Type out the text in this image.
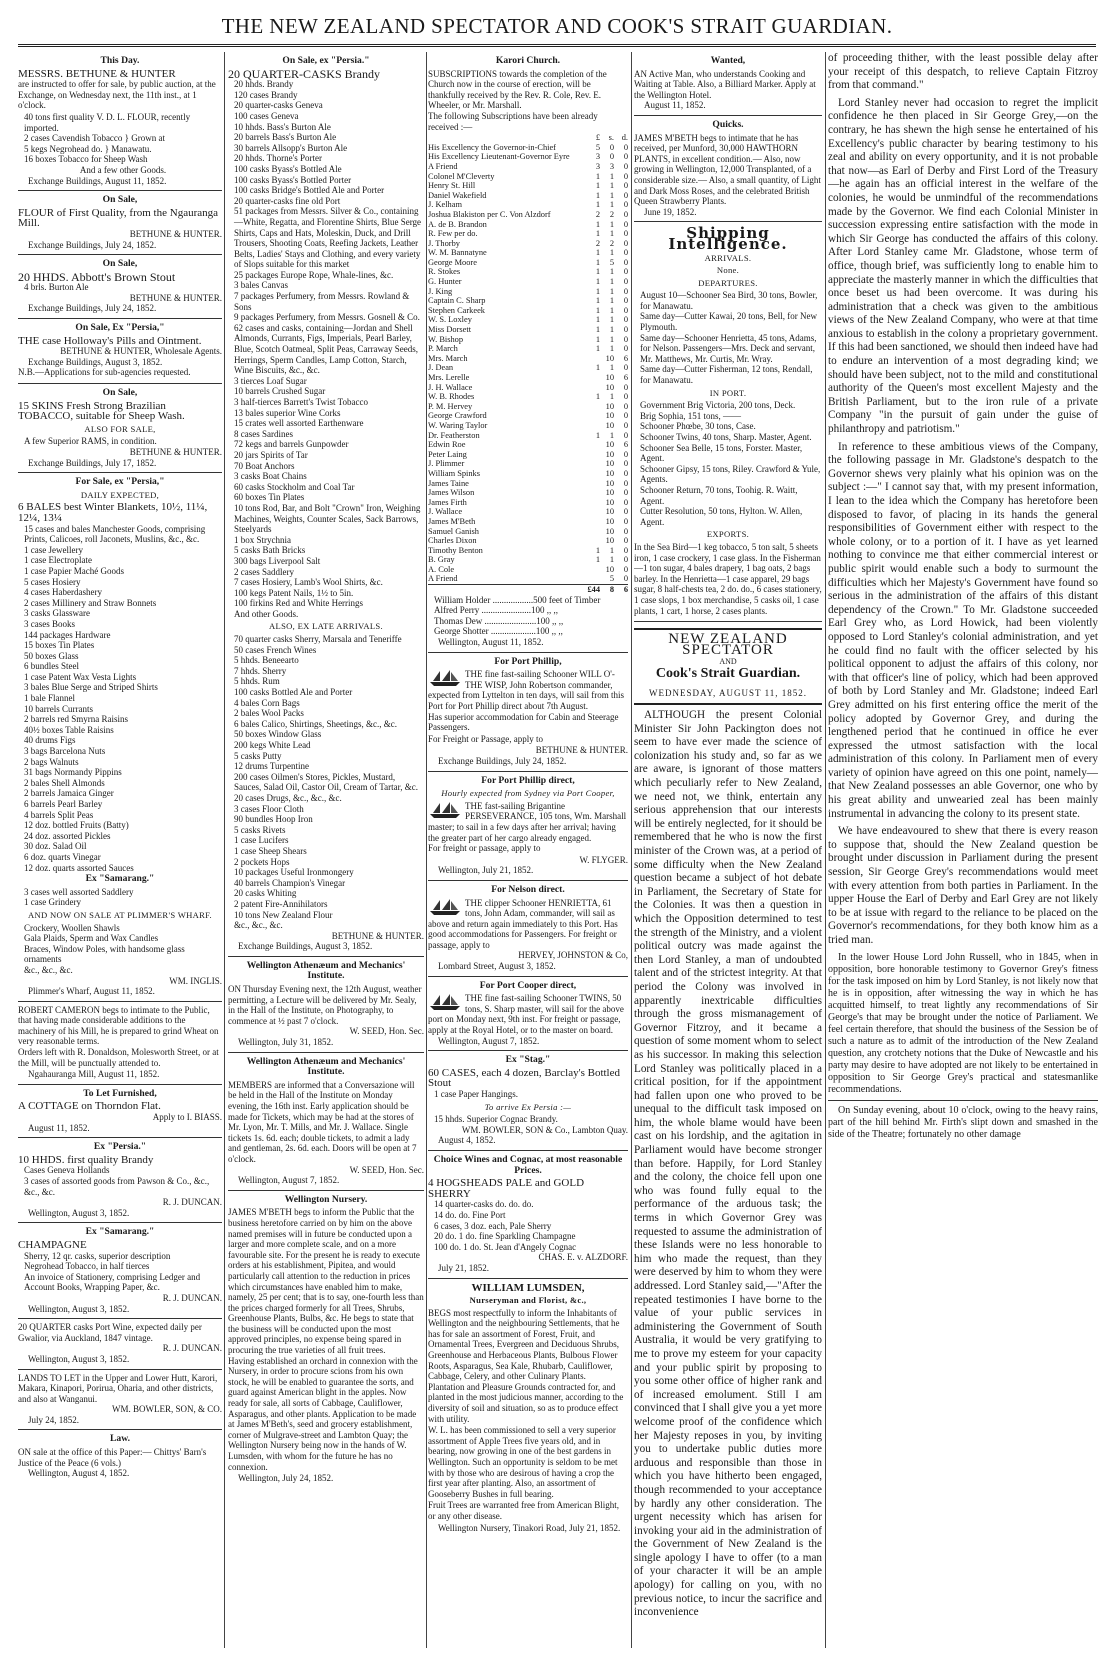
THE NEW ZEALAND SPECTATOR AND COOK'S STRAIT GUARDIAN.
This Day.

MESSRS. BETHUNE & HUNTER

are instructed to offer for sale, by public auction, at the Exchange, on Wednesday next, the 11th inst., at 1 o'clock.

40 tons first quality V. D. L. FLOUR, recently imported.

2 cases Cavendish Tobacco } Grown at

5 kegs Negrohead do. } Manawatu.

16 boxes Tobacco for Sheep Wash

And a few other Goods.

Exchange Buildings, August 11, 1852.

On Sale,

FLOUR of First Quality, from the Ngauranga Mill.

BETHUNE & HUNTER.

Exchange Buildings, July 24, 1852.

On Sale,

20 HHDS. Abbott's Brown Stout

4 brls. Burton Ale

BETHUNE & HUNTER.

Exchange Buildings, July 24, 1852.

On Sale, Ex "Persia,"

THE case Holloway's Pills and Ointment.

BETHUNE & HUNTER, Wholesale Agents.

Exchange Buildings, August 3, 1852.

N.B.—Applications for sub-agencies requested.

On Sale,

15 SKINS Fresh Strong Brazilian TOBACCO, suitable for Sheep Wash.

ALSO FOR SALE,

A few Superior RAMS, in condition.

BETHUNE & HUNTER.

Exchange Buildings, July 17, 1852.

For Sale, ex "Persia,"

DAILY EXPECTED,

6 BALES best Winter Blankets, 10½, 11¼, 12¼, 13¼

15 cases and bales Manchester Goods, comprising Prints, Calicoes, roll Jaconets, Muslins, &c., &c.

1 case Jewellery

1 case Electroplate

1 case Papier Maché Goods

5 cases Hosiery

4 cases Haberdashery

2 cases Millinery and Straw Bonnets

3 casks Glassware

3 cases Books

144 packages Hardware

15 boxes Tin Plates

50 boxes Glass

6 bundles Steel

1 case Patent Wax Vesta Lights

3 bales Blue Serge and Striped Shirts

1 bale Flannel

10 barrels Currants

2 barrels red Smyrna Raisins

40½ boxes Table Raisins

40 drums Figs

3 bags Barcelona Nuts

2 bags Walnuts

31 bags Normandy Pippins

2 bales Shell Almonds

2 barrels Jamaica Ginger

6 barrels Pearl Barley

4 barrels Split Peas

12 doz. bottled Fruits (Batty)

24 doz. assorted Pickles

30 doz. Salad Oil

6 doz. quarts Vinegar

12 doz. quarts assorted Sauces

Ex "Samarang."

3 cases well assorted Saddlery

1 case Grindery

AND NOW ON SALE AT PLIMMER'S WHARF.

Crockery, Woollen Shawls

Gala Plaids, Sperm and Wax Candles

Braces, Window Poles, with handsome glass ornaments

&c., &c., &c.

WM. INGLIS.

Plimmer's Wharf, August 11, 1852.

ROBERT CAMERON begs to intimate to the Public, that having made considerable additions to the machinery of his Mill, he is prepared to grind Wheat on very reasonable terms.

Orders left with R. Donaldson, Molesworth Street, or at the Mill, will be punctually attended to.

Ngahauranga Mill, August 11, 1852.

To Let Furnished,

A COTTAGE on Thorndon Flat.

Apply to I. BIASS.

August 11, 1852.

Ex "Persia."

10 HHDS. first quality Brandy

Cases Geneva Hollands

3 cases of assorted goods from Pawson & Co., &c., &c., &c.

R. J. DUNCAN.

Wellington, August 3, 1852.

Ex "Samarang."

CHAMPAGNE

Sherry, 12 qr. casks, superior description

Negrohead Tobacco, in half tierces

An invoice of Stationery, comprising Ledger and Account Books, Wrapping Paper, &c.

R. J. DUNCAN.

Wellington, August 3, 1852.

20 QUARTER casks Port Wine, expected daily per Gwalior, via Auckland, 1847 vintage.

R. J. DUNCAN.

Wellington, August 3, 1852.

LANDS TO LET in the Upper and Lower Hutt, Karori, Makara, Kinapori, Porirua, Oharia, and other districts, and also at Wanganui.

WM. BOWLER, SON, & CO.

July 24, 1852.

Law.

ON sale at the office of this Paper:— Chittys' Barn's Justice of the Peace (6 vols.)

Wellington, August 4, 1852.

On Sale, ex "Persia."

20 QUARTER-CASKS Brandy

20 hhds. Brandy

120 cases Brandy

20 quarter-casks Geneva

100 cases Geneva

10 hhds. Bass's Burton Ale

20 barrels Bass's Burton Ale

30 barrels Allsopp's Burton Ale

20 hhds. Thorne's Porter

100 casks Byass's Bottled Ale

100 casks Byass's Bottled Porter

100 casks Bridge's Bottled Ale and Porter

20 quarter-casks fine old Port

51 packages from Messrs. Silver & Co., containing—White, Regatta, and Florentine Shirts, Blue Serge Shirts, Caps and Hats, Moleskin, Duck, and Drill Trousers, Shooting Coats, Reefing Jackets, Leather Belts, Ladies' Stays and Clothing, and every variety of Slops suitable for this market

25 packages Europe Rope, Whale-lines, &c.

3 bales Canvas

7 packages Perfumery, from Messrs. Rowland & Sons

9 packages Perfumery, from Messrs. Gosnell & Co.

62 cases and casks, containing—Jordan and Shell Almonds, Currants, Figs, Imperials, Pearl Barley, Blue, Scotch Oatmeal, Split Peas, Carraway Seeds, Herrings, Sperm Candles, Lamp Cotton, Starch, Wine Biscuits, &c., &c.

3 tierces Loaf Sugar

10 barrels Crushed Sugar

3 half-tierces Barrett's Twist Tobacco

13 bales superior Wine Corks

15 crates well assorted Earthenware

8 cases Sardines

72 kegs and barrels Gunpowder

20 jars Spirits of Tar

70 Boat Anchors

3 casks Boat Chains

60 casks Stockholm and Coal Tar

60 boxes Tin Plates

10 tons Rod, Bar, and Bolt "Crown" Iron, Weighing Machines, Weights, Counter Scales, Sack Barrows, Steelyards

1 box Strychnia

5 casks Bath Bricks

300 bags Liverpool Salt

2 cases Saddlery

7 cases Hosiery, Lamb's Wool Shirts, &c.

100 kegs Patent Nails, 1½ to 5in.

100 firkins Red and White Herrings

And other Goods.

ALSO, EX LATE ARRIVALS.

70 quarter casks Sherry, Marsala and Teneriffe

50 cases French Wines

5 hhds. Beneearto

7 hhds. Sherry

5 hhds. Rum

100 casks Bottled Ale and Porter

4 bales Corn Bags

2 bales Wool Packs

6 bales Calico, Shirtings, Sheetings, &c., &c.

50 boxes Window Glass

200 kegs White Lead

5 casks Putty

12 drums Turpentine

200 cases Oilmen's Stores, Pickles, Mustard, Sauces, Salad Oil, Castor Oil, Cream of Tartar, &c.

20 cases Drugs, &c., &c., &c.

3 cases Floor Cloth

90 bundles Hoop Iron

5 casks Rivets

1 case Lucifers

1 case Sheep Shears

2 pockets Hops

10 packages Useful Ironmongery

40 barrels Champion's Vinegar

20 casks Whiting

2 patent Fire-Annihilators

10 tons New Zealand Flour

&c., &c., &c.

BETHUNE & HUNTER.

Exchange Buildings, August 3, 1852.

Wellington Athenæum and Mechanics' Institute.

ON Thursday Evening next, the 12th August, weather permitting, a Lecture will be delivered by Mr. Sealy, in the Hall of the Institute, on Photography, to commence at ½ past 7 o'clock.

W. SEED, Hon. Sec.

Wellington, July 31, 1852.

Wellington Athenæum and Mechanics' Institute.

MEMBERS are informed that a Conversazione will be held in the Hall of the Institute on Monday evening, the 16th inst. Early application should be made for Tickets, which may be had at the stores of Mr. Lyon, Mr. T. Mills, and Mr. J. Wallace. Single tickets 1s. 6d. each; double tickets, to admit a lady and gentleman, 2s. 6d. each. Doors will be open at 7 o'clock.

W. SEED, Hon. Sec.

Wellington, August 7, 1852.

Wellington Nursery.

JAMES M'BETH begs to inform the Public that the business heretofore carried on by him on the above named premises will in future be conducted upon a larger and more complete scale, and on a more favourable site. For the present he is ready to execute orders at his establishment, Pipitea, and would particularly call attention to the reduction in prices which circumstances have enabled him to make, namely, 25 per cent; that is to say, one-fourth less than the prices charged formerly for all Trees, Shrubs, Greenhouse Plants, Bulbs, &c. He begs to state that the business will be conducted upon the most approved principles, no expense being spared in procuring the true varieties of all fruit trees.

Having established an orchard in connexion with the Nursery, in order to procure scions from his own stock, he will be enabled to guarantee the sorts, and guard against American blight in the apples. Now ready for sale, all sorts of Cabbage, Cauliflower, Asparagus, and other plants. Application to be made at James M'Beth's, seed and grocery establishment, corner of Mulgrave-street and Lambton Quay; the Wellington Nursery being now in the hands of W. Lumsden, with whom for the future he has no connexion.

Wellington, July 24, 1852.

Karori Church.

SUBSCRIPTIONS towards the completion of the Church now in the course of erection, will be thankfully received by the Rev. R. Cole, Rev. E. Wheeler, or Mr. Marshall.

The following Subscriptions have been already received :—

	£	s.	d.
His Excellency the Governor-in-Chief	5	0	0
His Excellency Lieutenant-Governor Eyre	3	0	0
A Friend	3	3	0
Colonel M'Cleverty	1	1	0
Henry St. Hill	1	1	0
Daniel Wakefield	1	1	0
J. Kelham	1	1	0
Joshua Blakiston per C. Von Alzdorf	2	2	0
A. de B. Brandon	1	1	0
R. Few per do.	1	1	0
J. Thorby	2	2	0
W. M. Bannatyne	1	1	0
George Moore	1	5	0
R. Stokes	1	1	0
G. Hunter	1	1	0
J. King	1	1	0
Captain C. Sharp	1	1	0
Stephen Carkeek	1	1	0
W. S. Loxley	1	1	0
Miss Dorsett	1	1	0
W. Bishop	1	1	0
P. March	1	1	0
Mrs. March		10	6
J. Dean	1	1	0
Mrs. Lerelle		10	6
J. H. Wallace		10	0
W. B. Rhodes	1	1	0
P. M. Hervey		10	0
George Crawford		10	0
W. Waring Taylor		10	0
Dr. Featherston	1	1	0
Edwin Roe		10	6
Peter Laing		10	0
J. Plimmer		10	0
William Spinks		10	0
James Taine		10	0
James Wilson		10	0
James Firth		10	0
J. Wallace		10	0
James M'Beth		10	0
Samuel Ganish		10	0
Charles Dixon		10	0
Timothy Benton	1	1	0
B. Gray	1	1	0
A. Cole		10	0
A Friend		5	0
	£44	8	6

William Holder ..................500 feet of Timber

Alfred Perry ......................100 ,, ,,

Thomas Dew .......................100 ,, ,,

George Shotter ....................100 ,, ,,

Wellington, August 11, 1852.

For Port Phillip,

THE fine fast-sailing Schooner WILL O'-THE WISP, John Robertson commander, expected from Lyttelton in ten days, will sail from this Port for Port Phillip direct about 7th August.

Has superior accommodation for Cabin and Steerage Passengers.

For Freight or Passage, apply to

BETHUNE & HUNTER.

Exchange Buildings, July 24, 1852.

For Port Phillip direct,

Hourly expected from Sydney via Port Cooper,

THE fast-sailing Brigantine PERSEVERANCE, 105 tons, Wm. Marshall master; to sail in a few days after her arrival; having the greater part of her cargo already engaged.

For freight or passage, apply to

W. FLYGER.

Wellington, July 21, 1852.

For Nelson direct.

THE clipper Schooner HENRIETTA, 61 tons, John Adam, commander, will sail as above and return again immediately to this Port. Has good accommodations for Passengers. For freight or passage, apply to

HERVEY, JOHNSTON & Co,

Lombard Street, August 3, 1852.

For Port Cooper direct,

THE fine fast-sailing Schooner TWINS, 50 tons, S. Sharp master, will sail for the above port on Monday next, 9th inst. For freight or passage, apply at the Royal Hotel, or to the master on board.

Wellington, August 7, 1852.

Ex "Stag."

60 CASES, each 4 dozen, Barclay's Bottled Stout

1 case Paper Hangings.

To arrive Ex Persia :—

15 hhds. Superior Cognac Brandy.

WM. BOWLER, SON & Co., Lambton Quay.

August 4, 1852.

Choice Wines and Cognac, at most reasonable Prices.

4 HOGSHEADS PALE and GOLD SHERRY

14 quarter-casks do. do. do.

14 do. do. Fine Port

6 cases, 3 doz. each, Pale Sherry

20 do. 1 do. fine Sparkling Champagne

100 do. 1 do. St. Jean d'Angely Cognac

CHAS. E. v. ALZDORF.

July 21, 1852.

WILLIAM LUMSDEN,

Nurseryman and Florist, &c.,

BEGS most respectfully to inform the Inhabitants of Wellington and the neighbouring Settlements, that he has for sale an assortment of Forest, Fruit, and Ornamental Trees, Evergreen and Deciduous Shrubs, Greenhouse and Herbaceous Plants, Bulbous Flower Roots, Asparagus, Sea Kale, Rhubarb, Cauliflower, Cabbage, Celery, and other Culinary Plants.

Plantation and Pleasure Grounds contracted for, and planted in the most judicious manner, according to the diversity of soil and situation, so as to produce effect with utility.

W. L. has been commissioned to sell a very superior assortment of Apple Trees five years old, and in bearing, now growing in one of the best gardens in Wellington. Such an opportunity is seldom to be met with by those who are desirous of having a crop the first year after planting. Also, an assortment of Gooseberry Bushes in full bearing.

Fruit Trees are warranted free from American Blight, or any other disease.

Wellington Nursery, Tinakori Road, July 21, 1852.

Wanted,

AN Active Man, who understands Cooking and Waiting at Table. Also, a Billiard Marker. Apply at the Wellington Hotel.

August 11, 1852.

Quicks.

JAMES M'BETH begs to intimate that he has received, per Munford, 30,000 HAWTHORN PLANTS, in excellent condition.— Also, now growing in Wellington, 12,000 Transplanted, of a considerable size.— Also, a small quantity, of Light and Dark Moss Roses, and the celebrated British Queen Strawberry Plants.

June 19, 1852.

Shipping Intelligence.

ARRIVALS.

None.

DEPARTURES.

August 10—Schooner Sea Bird, 30 tons, Bowler, for Manawatu.

Same day—Cutter Kawai, 20 tons, Bell, for New Plymouth.

Same day—Schooner Henrietta, 45 tons, Adams, for Nelson. Passengers—Mrs. Deck and servant, Mr. Matthews, Mr. Curtis, Mr. Wray.

Same day—Cutter Fisherman, 12 tons, Rendall, for Manawatu.

IN PORT.

Government Brig Victoria, 200 tons, Deck.

Brig Sophia, 151 tons, ——

Schooner Phœbe, 30 tons, Case.

Schooner Twins, 40 tons, Sharp. Master, Agent.

Schooner Sea Belle, 15 tons, Forster. Master, Agent.

Schooner Gipsy, 15 tons, Riley. Crawford & Yule, Agents.

Schooner Return, 70 tons, Toohig. R. Waitt, Agent.

Cutter Resolution, 50 tons, Hylton. W. Allen, Agent.

EXPORTS.

In the Sea Bird—1 keg tobacco, 5 ton salt, 5 sheets iron, 1 case crockery, 1 case glass. In the Fisherman—1 ton sugar, 4 bales drapery, 1 bag oats, 2 bags barley. In the Henrietta—1 case apparel, 29 bags sugar, 8 half-chests tea, 2 do. do., 6 cases stationery, 1 case slops, 1 box merchandise, 5 casks oil, 1 case plants, 1 cart, 1 horse, 2 cases plants.

NEW ZEALAND SPECTATOR

AND

Cook's Strait Guardian.

WEDNESDAY, AUGUST 11, 1852.

ALTHOUGH the present Colonial Minister Sir John Packington does not seem to have ever made the science of colonization his study and, so far as we are aware, is ignorant of those matters which peculiarly refer to New Zealand, we need not, we think, entertain any serious apprehension that our interests will be entirely neglected, for it should be remembered that he who is now the first minister of the Crown was, at a period of some difficulty when the New Zealand question became a subject of hot debate in Parliament, the Secretary of State for the Colonies. It was then a question in which the Opposition determined to test the strength of the Ministry, and a violent political outcry was made against the then Lord Stanley, a man of undoubted talent and of the strictest integrity. At that period the Colony was involved in apparently inextricable difficulties through the gross mismanagement of Governor Fitzroy, and it became a question of some moment whom to select as his successor. In making this selection Lord Stanley was politically placed in a critical position, for if the appointment had fallen upon one who proved to be unequal to the difficult task imposed on him, the whole blame would have been cast on his lordship, and the agitation in Parliament would have become stronger than before. Happily, for Lord Stanley and the colony, the choice fell upon one who was found fully equal to the performance of the arduous task; the terms in which Governor Grey was requested to assume the administration of these Islands were no less honorable to him who made the request, than they were deserved by him to whom they were addressed. Lord Stanley said,—"After the repeated testimonies I have borne to the value of your public services in administering the Government of South Australia, it would be very gratifying to me to prove my esteem for your capacity and your public spirit by proposing to you some other office of higher rank and of increased emolument. Still I am convinced that I shall give you a yet more welcome proof of the confidence which her Majesty reposes in you, by inviting you to undertake public duties more arduous and responsible than those in which you have hitherto been engaged, though recommended to your acceptance by hardly any other consideration. The urgent necessity which has arisen for invoking your aid in the administration of the Government of New Zealand is the single apology I have to offer (to a man of your character it will be an ample apology) for calling on you, with no previous notice, to incur the sacrifice and inconvenience

of proceeding thither, with the least possible delay after your receipt of this despatch, to relieve Captain Fitzroy from that command."

Lord Stanley never had occasion to regret the implicit confidence he then placed in Sir George Grey,—on the contrary, he has shewn the high sense he entertained of his Excellency's public character by bearing testimony to his zeal and ability on every opportunity, and it is not probable that now—as Earl of Derby and First Lord of the Treasury—he again has an official interest in the welfare of the colonies, he would be unmindful of the recommendations made by the Governor. We find each Colonial Minister in succession expressing entire satisfaction with the mode in which Sir George has conducted the affairs of this colony. After Lord Stanley came Mr. Gladstone, whose term of office, though brief, was sufficiently long to enable him to appreciate the masterly manner in which the difficulties that once beset us had been overcome. It was during his administration that a check was given to the ambitious views of the New Zealand Company, who were at that time anxious to establish in the colony a proprietary government. If this had been sanctioned, we should then indeed have had to endure an intervention of a most degrading kind; we should have been subject, not to the mild and constitutional authority of the Queen's most excellent Majesty and the British Parliament, but to the iron rule of a private Company "in the pursuit of gain under the guise of philanthropy and patriotism."

In reference to these ambitious views of the Company, the following passage in Mr. Gladstone's despatch to the Governor shews very plainly what his opinion was on the subject :—" I cannot say that, with my present information, I lean to the idea which the Company has heretofore been disposed to favor, of placing in its hands the general responsibilities of Government either with respect to the whole colony, or to a portion of it. I have as yet learned nothing to convince me that either commercial interest or public spirit would enable such a body to surmount the difficulties which her Majesty's Government have found so serious in the administration of the affairs of this distant dependency of the Crown." To Mr. Gladstone succeeded Earl Grey who, as Lord Howick, had been violently opposed to Lord Stanley's colonial administration, and yet he could find no fault with the officer selected by his political opponent to adjust the affairs of this colony, nor with that officer's line of policy, which had been approved of both by Lord Stanley and Mr. Gladstone; indeed Earl Grey admitted on his first entering office the merit of the policy adopted by Governor Grey, and during the lengthened period that he continued in office he ever expressed the utmost satisfaction with the local administration of this colony. In Parliament men of every variety of opinion have agreed on this one point, namely—that New Zealand possesses an able Governor, one who by his great ability and unwearied zeal has been mainly instrumental in advancing the colony to its present state.

We have endeavoured to shew that there is every reason to suppose that, should the New Zealand question be brought under discussion in Parliament during the present session, Sir George Grey's recommendations would meet with every attention from both parties in Parliament. In the upper House the Earl of Derby and Earl Grey are not likely to be at issue with regard to the reliance to be placed on the Governor's recommendations, for they both know him as a tried man.

In the lower House Lord John Russell, who in 1845, when in opposition, bore honorable testimony to Governor Grey's fitness for the task imposed on him by Lord Stanley, is not likely now that he is in opposition, after witnessing the way in which he has acquitted himself, to treat lightly any recommendations of Sir George's that may be brought under the notice of Parliament. We feel certain therefore, that should the business of the Session be of such a nature as to admit of the introduction of the New Zealand question, any crotchety notions that the Duke of Newcastle and his party may desire to have adopted are not likely to be entertained in opposition to Sir George Grey's practical and statesmanlike recommendations.

On Sunday evening, about 10 o'clock, owing to the heavy rains, part of the hill behind Mr. Firth's slipt down and smashed in the side of the Theatre; fortunately no other damage
